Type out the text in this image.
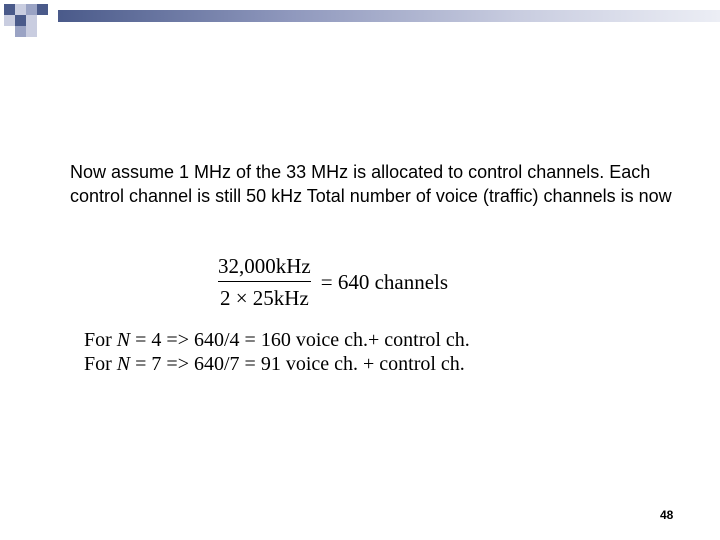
Now assume 1 MHz of the 33 MHz is allocated to control channels. Each control channel is still 50 kHz Total number of voice (traffic) channels is now

$\frac{\text{32,000kHz}}{\text{2 × 25kHz}} = 640$ channels
For N = 4 => 640/4 = 160 voice ch.+ control ch.
For N = 7 => 640/7 = 91 voice ch. + control ch.
48
